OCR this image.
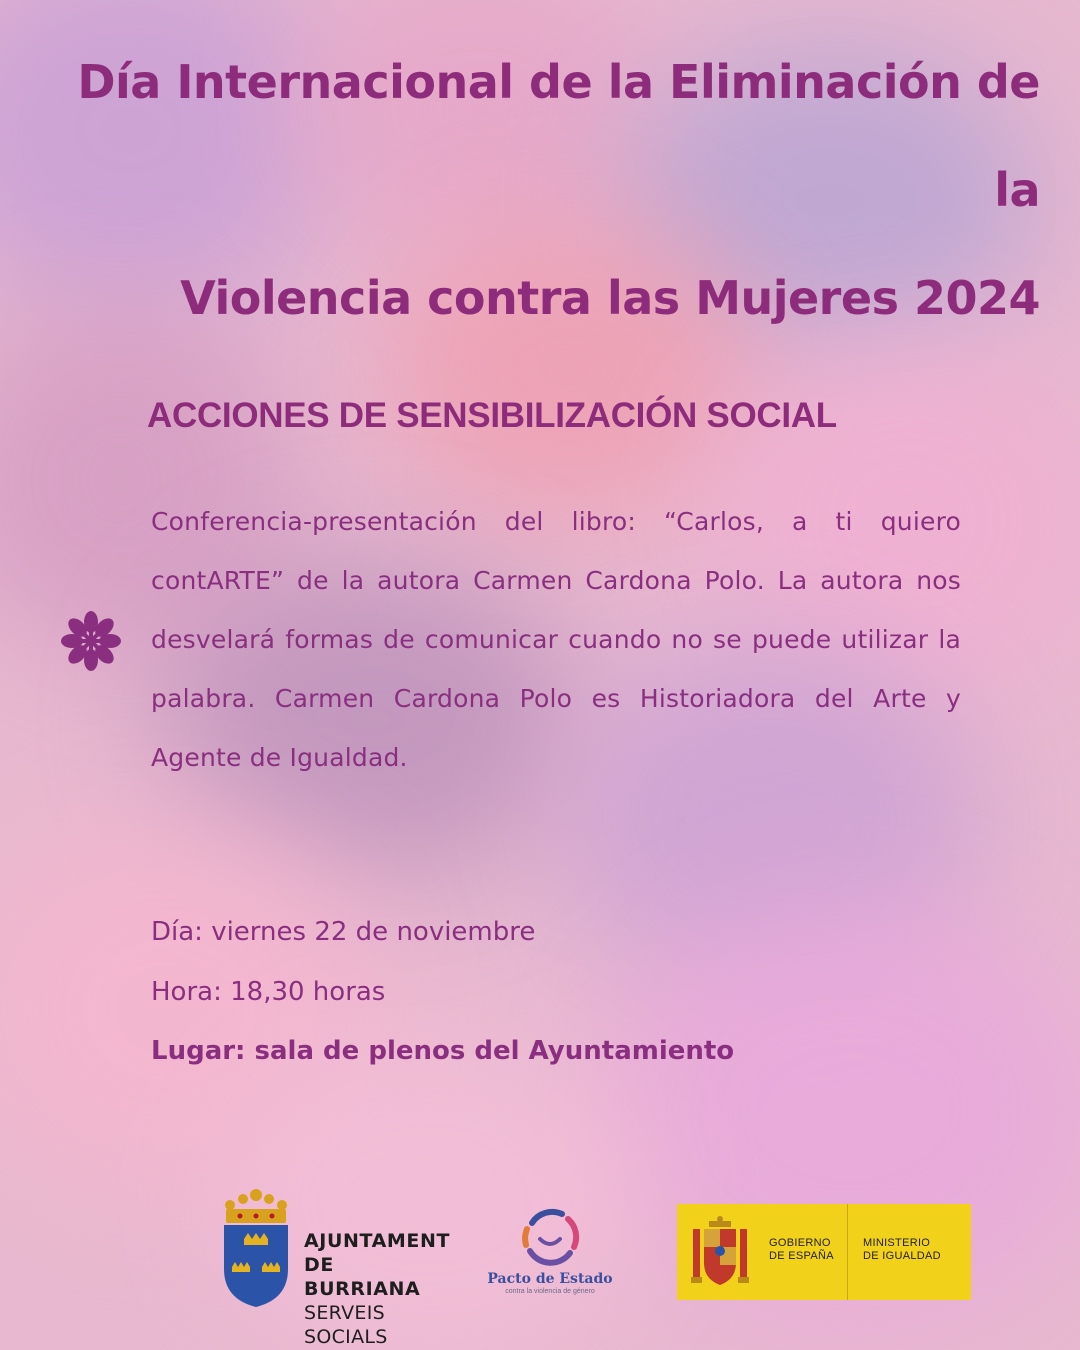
Día Internacional de la Eliminación de la
Violencia contra las Mujeres 2024
ACCIONES DE SENSIBILIZACIÓN SOCIAL

Conferencia-presentación del libro: “Carlos, a ti quiero contARTE” de la autora Carmen Cardona Polo. La autora nos desvelará formas de comunicar cuando no se puede utilizar la palabra. Carmen Cardona Polo es Historiadora del Arte y Agente de Igualdad.

Día: viernes 22 de noviembre

Hora: 18,30 horas

Lugar: sala de plenos del Ayuntamiento

AJUNTAMENT
DE BURRIANA
SERVEIS SOCIALS
Pacto de Estado
contra la violencia de género
GOBIERNO
DE ESPAÑA
MINISTERIO
DE IGUALDAD
